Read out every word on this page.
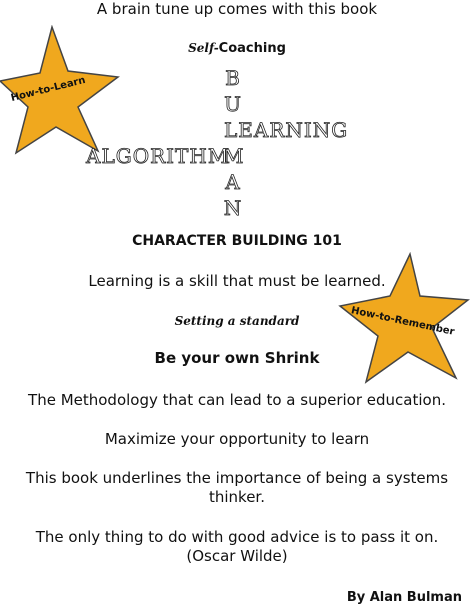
A brain tune up comes with this book
Self-Coaching
How-to-Learn	B
U
M
A
N
LEARNING
ALGORITHM
CHARACTER BUILDING 101
Learning is a skill that must be learned.
How-to-Remember
Setting a standard
Be your own Shrink
The Methodology that can lead to a superior education.
Maximize your opportunity to learn
This book underlines the importance of being a systems
thinker.
The only thing to do with good advice is to pass it on.
(Oscar Wilde)
By Alan Bulman
